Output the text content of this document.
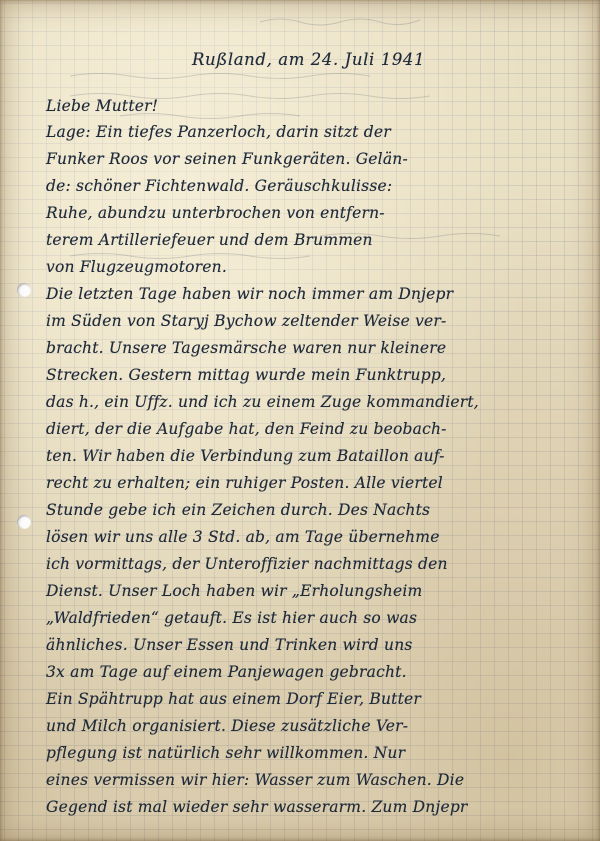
Rußland, am 24. Juli 1941
Liebe Mutter!
Lage: Ein tiefes Panzerloch, darin sitzt der
Funker Roos vor seinen Funkgeräten. Gelän-
de: schöner Fichtenwald. Geräuschkulisse:
Ruhe, abundzu unterbrochen von entfern-
terem Artilleriefeuer und dem Brummen
von Flugzeugmotoren.
Die letzten Tage haben wir noch immer am Dnjepr
im Süden von Staryj Bychow zeltender Weise ver-
bracht. Unsere Tagesmärsche waren nur kleinere
Strecken. Gestern mittag wurde mein Funktrupp,
das h., ein Uffz. und ich zu einem Zuge kommandiert,
diert, der die Aufgabe hat, den Feind zu beobach-
ten. Wir haben die Verbindung zum Bataillon auf-
recht zu erhalten; ein ruhiger Posten. Alle viertel
Stunde gebe ich ein Zeichen durch. Des Nachts
lösen wir uns alle 3 Std. ab, am Tage übernehme
ich vormittags, der Unteroffizier nachmittags den
Dienst. Unser Loch haben wir „Erholungsheim
„Waldfrieden“ getauft. Es ist hier auch so was
ähnliches. Unser Essen und Trinken wird uns
3x am Tage auf einem Panjewagen gebracht.
Ein Spähtrupp hat aus einem Dorf Eier, Butter
und Milch organisiert. Diese zusätzliche Ver-
pflegung ist natürlich sehr willkommen. Nur
eines vermissen wir hier: Wasser zum Waschen. Die
Gegend ist mal wieder sehr wasserarm. Zum Dnjepr
